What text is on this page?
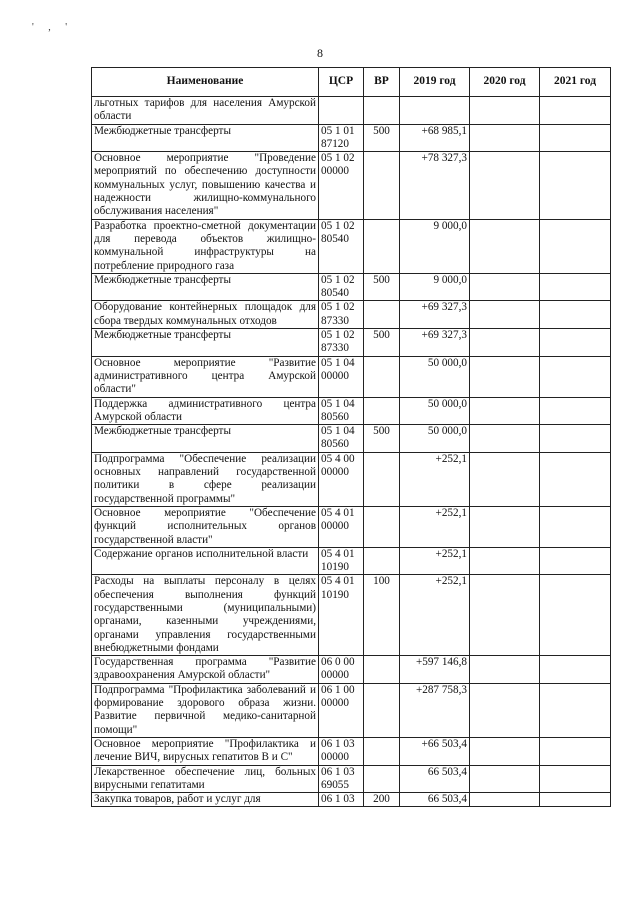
' , '
8
Наименование	ЦСР	ВР	2019 год	2020 год	2021 год
льготных тарифов для населения Амурской области					
Межбюджетные трансферты	05 1 01 87120	500	+68 985,1		
Основное мероприятие "Проведение мероприятий по обеспечению доступности коммунальных услуг, повышению качества и надежности жилищно-коммунального обслуживания населения"	05 1 02 00000		+78 327,3		
Разработка проектно-сметной документации для перевода объектов жилищно-коммунальной инфраструктуры на потребление природного газа	05 1 02 80540		9 000,0		
Межбюджетные трансферты	05 1 02 80540	500	9 000,0		
Оборудование контейнерных площадок для сбора твердых коммунальных отходов	05 1 02 87330		+69 327,3		
Межбюджетные трансферты	05 1 02 87330	500	+69 327,3		
Основное мероприятие "Развитие административного центра Амурской области"	05 1 04 00000		50 000,0		
Поддержка административного центра Амурской области	05 1 04 80560		50 000,0		
Межбюджетные трансферты	05 1 04 80560	500	50 000,0		
Подпрограмма "Обеспечение реализации основных направлений государственной политики в сфере реализации государственной программы"	05 4 00 00000		+252,1		
Основное мероприятие "Обеспечение функций исполнительных органов государственной власти"	05 4 01 00000		+252,1		
Содержание органов исполнительной власти	05 4 01 10190		+252,1		
Расходы на выплаты персоналу в целях обеспечения выполнения функций государственными (муниципальными) органами, казенными учреждениями, органами управления государственными внебюджетными фондами	05 4 01 10190	100	+252,1		
Государственная программа "Развитие здравоохранения Амурской области"	06 0 00 00000		+597 146,8		
Подпрограмма "Профилактика заболеваний и формирование здорового образа жизни. Развитие первичной медико-санитарной помощи"	06 1 00 00000		+287 758,3		
Основное мероприятие "Профилактика и лечение ВИЧ, вирусных гепатитов В и С"	06 1 03 00000		+66 503,4		
Лекарственное обеспечение лиц, больных вирусными гепатитами	06 1 03 69055		66 503,4		
Закупка товаров, работ и услуг для	06 1 03	200	66 503,4		
